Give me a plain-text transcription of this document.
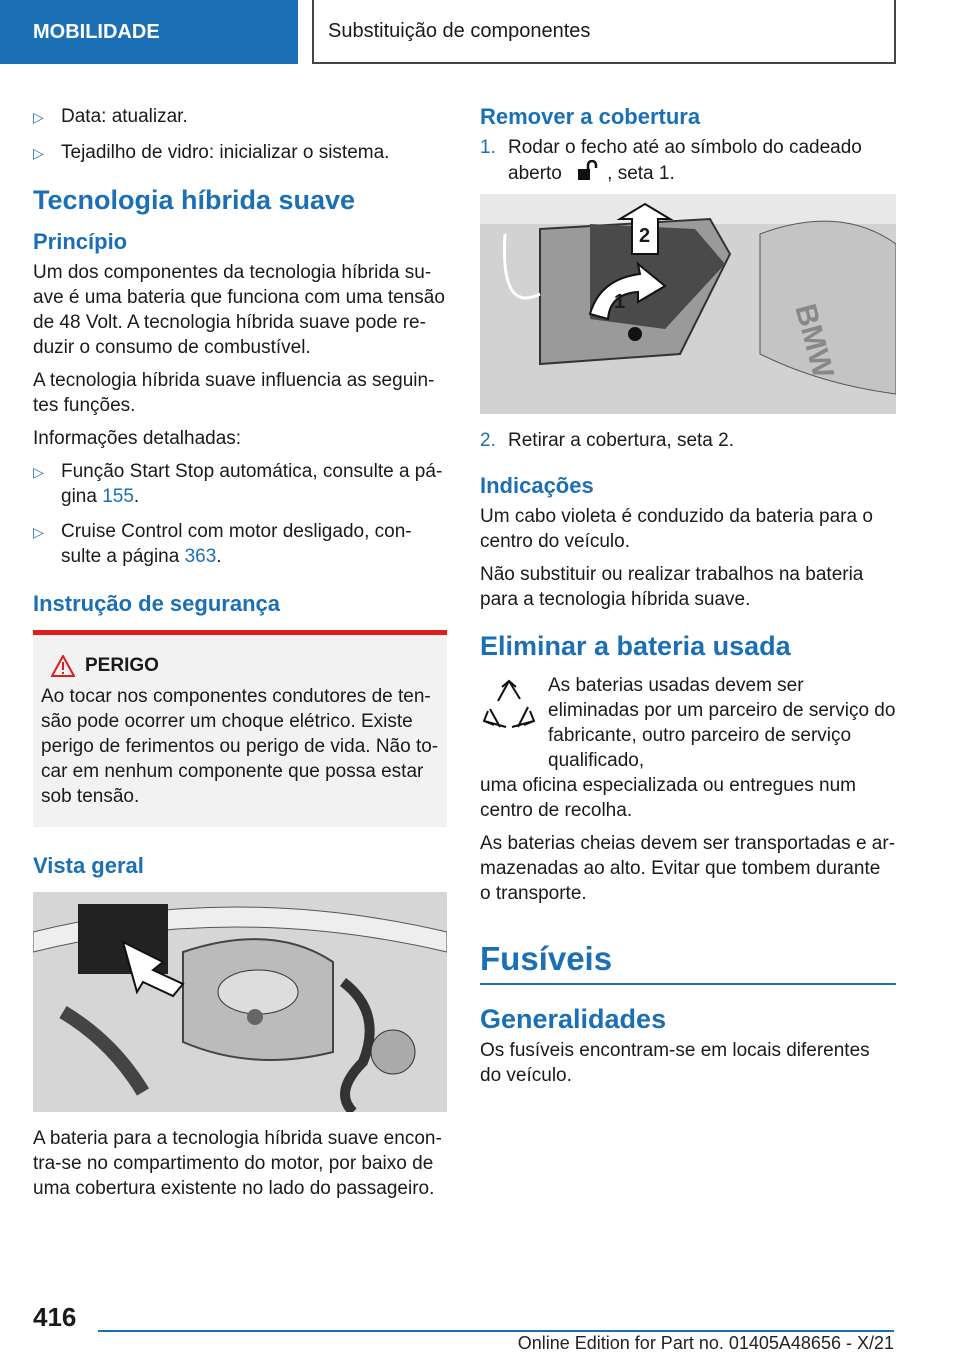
MOBILIDADE	Substituição de componentes
▷ Data: atualizar.
▷ Tejadilho de vidro: inicializar o sistema.
Tecnologia híbrida suave
Princípio

Um dos componentes da tecnologia híbrida su-ave é uma bateria que funciona com uma tensão de 48 Volt. A tecnologia híbrida suave pode re-duzir o consumo de combustível.

A tecnologia híbrida suave influencia as seguin-tes funções.

Informações detalhadas:

▷ Função Start Stop automática, consulte a pá-gina 155.
▷ Cruise Control com motor desligado, con-sulte a página 363.
Instrução de segurança
PERIGO
Ao tocar nos componentes condutores de ten-são pode ocorrer um choque elétrico. Existe perigo de ferimentos ou perigo de vida. Não to-car em nenhum componente que possa estar sob tensão.
Vista geral

A bateria para a tecnologia híbrida suave encon-tra-se no compartimento do motor, por baixo de uma cobertura existente no lado do passageiro.

Remover a cobertura
1. Rodar o fecho até ao símbolo do cadeado aberto , seta 1.
BMW
2
1
2. Retirar a cobertura, seta 2.
Indicações

Um cabo violeta é conduzido da bateria para o centro do veículo.

Não substituir ou realizar trabalhos na bateria para a tecnologia híbrida suave.

Eliminar a bateria usada
As baterias usadas devem ser eliminadas por um parceiro de serviço do fabricante, outro parceiro de serviço qualificado,

uma oficina especializada ou entregues num centro de recolha.

As baterias cheias devem ser transportadas e ar-mazenadas ao alto. Evitar que tombem durante o transporte.

Fusíveis
Generalidades

Os fusíveis encontram-se em locais diferentes do veículo.

416
Online Edition for Part no. 01405A48656 - X/21
